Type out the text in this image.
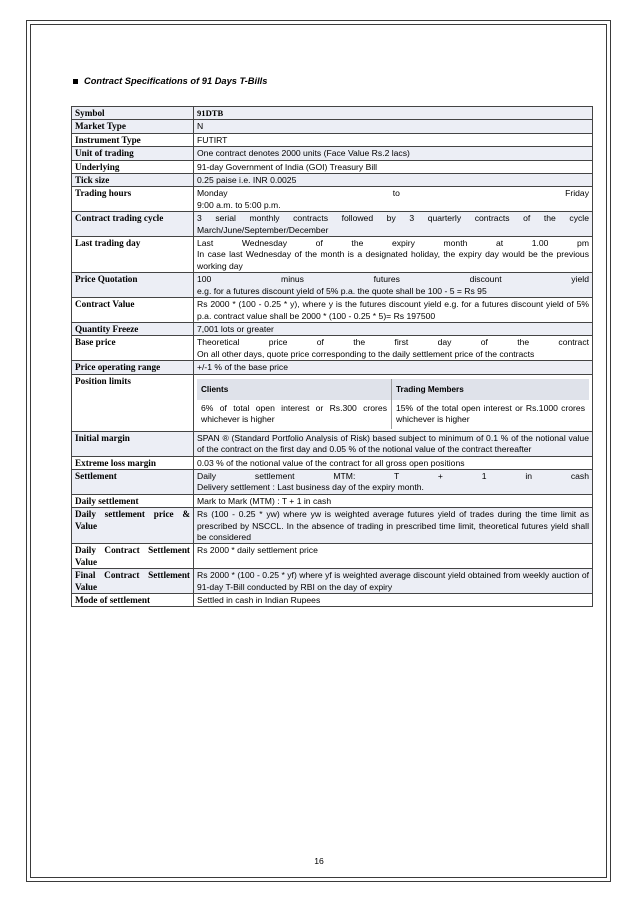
Contract Specifications of 91 Days T-Bills
Symbol	91DTB
Market Type	N
Instrument Type	FUTIRT
Unit of trading	One contract denotes 2000 units (Face Value Rs.2 lacs)
Underlying	91-day Government of India (GOI) Treasury Bill
Tick size	0.25 paise i.e. INR 0.0025
Trading hours	Monday to Friday
9:00 a.m. to 5:00 p.m.

Contract trading cycle	3 serial monthly contracts followed by 3 quarterly contracts of the cycle March/June/September/December
Last trading day	Last Wednesday of the expiry month at 1.00 pm
In case last Wednesday of the month is a designated holiday, the expiry day would be the previous working day

Price Quotation	100 minus futures discount yield
e.g. for a futures discount yield of 5% p.a. the quote shall be 100 - 5 = Rs 95

Contract Value	Rs 2000 * (100 - 0.25 * y), where y is the futures discount yield e.g. for a futures discount yield of 5% p.a. contract value shall be 2000 * (100 - 0.25 * 5)= Rs 197500
Quantity Freeze	7,001 lots or greater
Base price	Theoretical price of the first day of the contract
On all other days, quote price corresponding to the daily settlement price of the contracts

Price operating range	+/-1 % of the base price
Position limits	
Clients	Trading Members
6% of total open interest or Rs.300 crores whichever is higher	15% of the total open interest or Rs.1000 crores whichever is higher

Initial margin	SPAN ® (Standard Portfolio Analysis of Risk) based subject to minimum of 0.1 % of the notional value of the contract on the first day and 0.05 % of the notional value of the contract thereafter
Extreme loss margin	0.03 % of the notional value of the contract for all gross open positions
Settlement	Daily settlement MTM: T + 1 in cash
Delivery settlement : Last business day of the expiry month.

Daily settlement	Mark to Mark (MTM) : T + 1 in cash
Daily settlement price & Value	Rs (100 - 0.25 * yw) where yw is weighted average futures yield of trades during the time limit as prescribed by NSCCL. In the absence of trading in prescribed time limit, theoretical futures yield shall be considered
Daily Contract Settlement Value	Rs 2000 * daily settlement price
Final Contract Settlement Value	Rs 2000 * (100 - 0.25 * yf) where yf is weighted average discount yield obtained from weekly auction of 91-day T-Bill conducted by RBI on the day of expiry
Mode of settlement	Settled in cash in Indian Rupees
16
